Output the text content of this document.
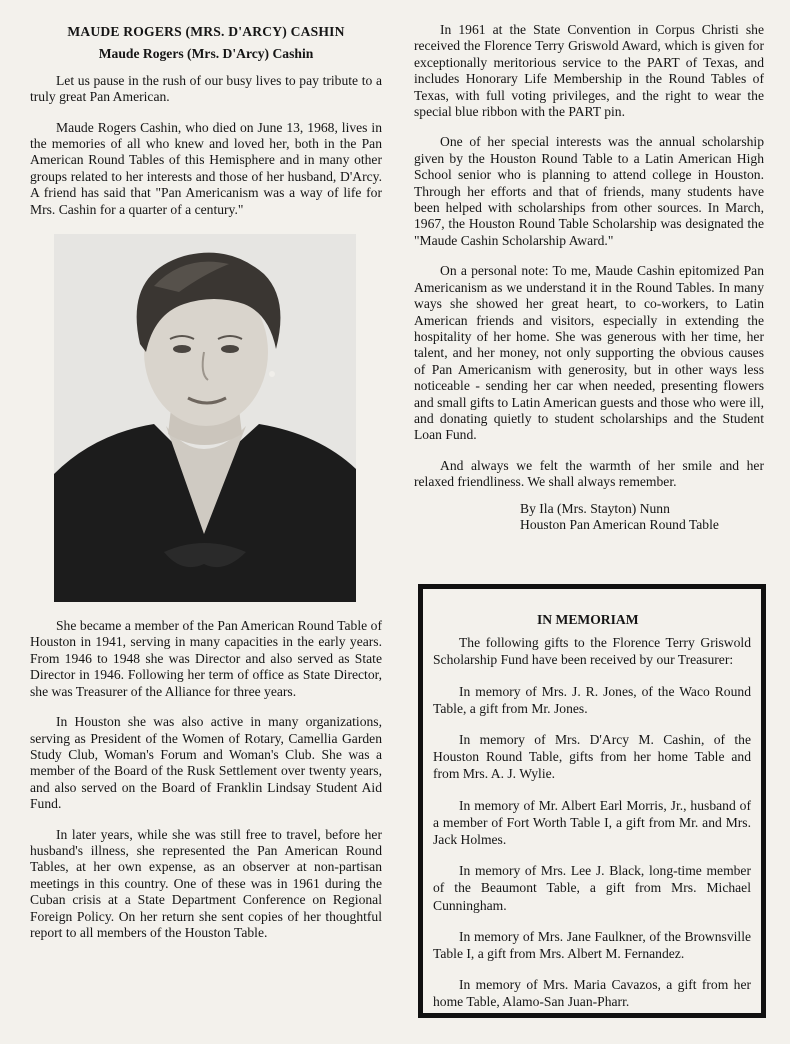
MAUDE ROGERS (MRS. D'ARCY) CASHIN

Maude Rogers (Mrs. D'Arcy) Cashin

Let us pause in the rush of our busy lives to pay tribute to a truly great Pan American.

Maude Rogers Cashin, who died on June 13, 1968, lives in the memories of all who knew and loved her, both in the Pan American Round Tables of this Hemisphere and in many other groups related to her interests and those of her husband, D'Arcy. A friend has said that "Pan Americanism was a way of life for Mrs. Cashin for a quarter of a century."

She became a member of the Pan American Round Table of Houston in 1941, serving in many capacities in the early years. From 1946 to 1948 she was Director and also served as State Director in 1946. Following her term of office as State Director, she was Treasurer of the Alliance for three years.

In Houston she was also active in many organizations, serving as President of the Women of Rotary, Camellia Garden Study Club, Woman's Forum and Woman's Club. She was a member of the Board of the Rusk Settlement over twenty years, and also served on the Board of Franklin Lindsay Student Aid Fund.

In later years, while she was still free to travel, before her husband's illness, she represented the Pan American Round Tables, at her own expense, as an observer at non-partisan meetings in this country. One of these was in 1961 during the Cuban crisis at a State Department Conference on Regional Foreign Policy. On her return she sent copies of her thoughtful report to all members of the Houston Table.

In 1961 at the State Convention in Corpus Christi she received the Florence Terry Griswold Award, which is given for exceptionally meritorious service to the PART of Texas, and includes Honorary Life Membership in the Round Tables of Texas, with full voting privileges, and the right to wear the special blue ribbon with the PART pin.

One of her special interests was the annual scholarship given by the Houston Round Table to a Latin American High School senior who is planning to attend college in Houston. Through her efforts and that of friends, many students have been helped with scholarships from other sources. In March, 1967, the Houston Round Table Scholarship was designated the "Maude Cashin Scholarship Award."

On a personal note: To me, Maude Cashin epitomized Pan Americanism as we understand it in the Round Tables. In many ways she showed her great heart, to co-workers, to Latin American friends and visitors, especially in extending the hospitality of her home. She was generous with her time, her talent, and her money, not only supporting the obvious causes of Pan Americanism with generosity, but in other ways less noticeable - sending her car when needed, presenting flowers and small gifts to Latin American guests and those who were ill, and donating quietly to student scholarships and the Student Loan Fund.

And always we felt the warmth of her smile and her relaxed friendliness. We shall always remember.

By Ila (Mrs. Stayton) Nunn

Houston Pan American Round Table

IN MEMORIAM

The following gifts to the Florence Terry Griswold Scholarship Fund have been received by our Treasurer:

In memory of Mrs. J. R. Jones, of the Waco Round Table, a gift from Mr. Jones.

In memory of Mrs. D'Arcy M. Cashin, of the Houston Round Table, gifts from her home Table and from Mrs. A. J. Wylie.

In memory of Mr. Albert Earl Morris, Jr., husband of a member of Fort Worth Table I, a gift from Mr. and Mrs. Jack Holmes.

In memory of Mrs. Lee J. Black, long-time member of the Beaumont Table, a gift from Mrs. Michael Cunningham.

In memory of Mrs. Jane Faulkner, of the Brownsville Table I, a gift from Mrs. Albert M. Fernandez.

In memory of Mrs. Maria Cavazos, a gift from her home Table, Alamo-San Juan-Pharr.
